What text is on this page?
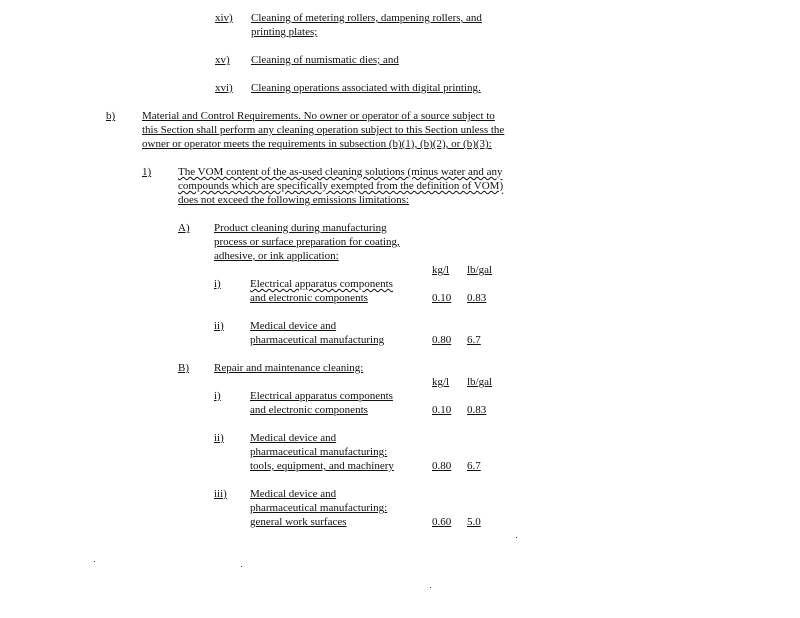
xiv) Cleaning of metering rollers, dampening rollers, and
printing plates;
xv) Cleaning of numismatic dies; and
xvi) Cleaning operations associated with digital printing.
b) Material and Control Requirements. No owner or operator of a source subject to
this Section shall perform any cleaning operation subject to this Section unless the
owner or operator meets the requirements in subsection (b)(1), (b)(2), or (b)(3):
1) The VOM content of the as-used cleaning solutions (minus water and any
compounds which are specifically exempted from the definition of VOM)
does not exceed the following emissions limitations:
A) Product cleaning during manufacturing
process or surface preparation for coating,
adhesive, or ink application:
kg/l lb/gal
i)	Electrical apparatus components
and electronic components	0.10 0.83
ii) Medical device and
pharmaceutical manufacturing	0.80 6.7
B) Repair and maintenance cleaning:
kg/l lb/gal
i)	Electrical apparatus components
and electronic components	0.10 0.83
ii) Medical device and
pharmaceutical manufacturing:
tools, equipment, and machinery	0.80 6.7
iii) Medical device and
pharmaceutical manufacturing:
general work surfaces	0.60 5.0
